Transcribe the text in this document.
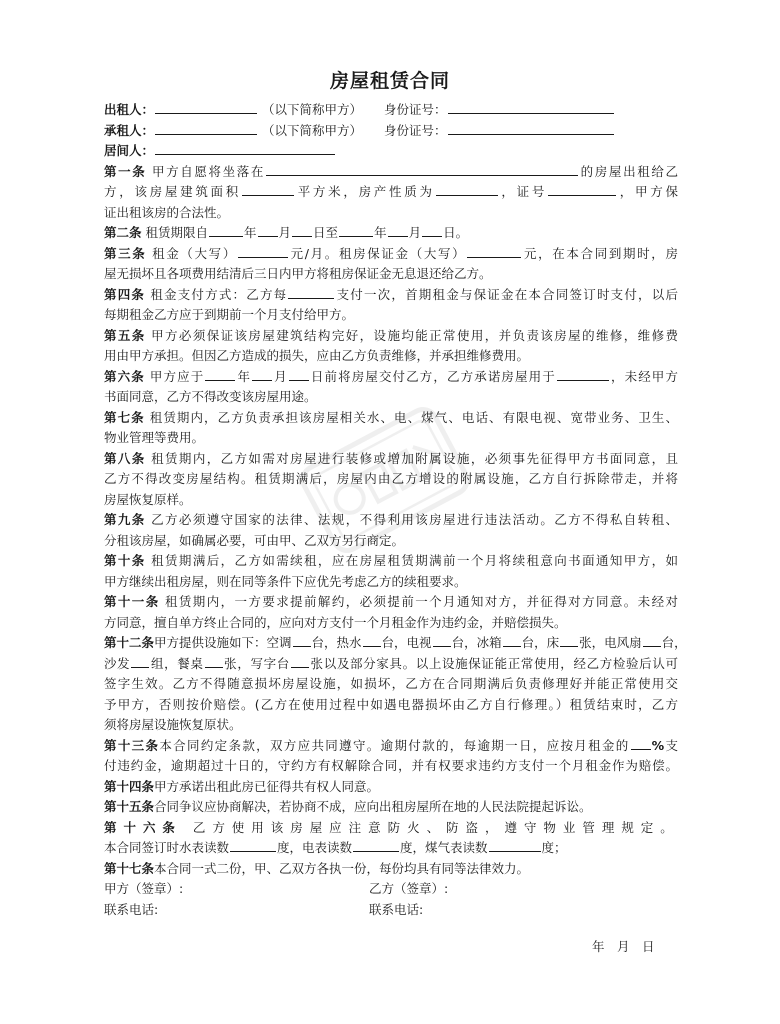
房屋租赁合同
出租人：	（以下简称甲方） 身份证号：
承租人：	（以下简称甲方） 身份证号：
居间人：
第一条 甲方自愿将坐落在	的房屋出租给乙
方，该房屋建筑面积	平方米，房产性质为	，证号	，甲方保
证出租该房的合法性。
第二条 租赁期限自	年 月 日至	年 月 日。
第三条 租金（大写）	元/月。租房保证金（大写）	元，在本合同到期时，房
屋无损坏且各项费用结清后三日内甲方将租房保证金无息退还给乙方。
第四条 租金支付方式：乙方每	支付一次，首期租金与保证金在本合同签订时支付，以后
每期租金乙方应于到期前一个月支付给甲方。
第五条 甲方必须保证该房屋建筑结构完好，设施均能正常使用，并负责该房屋的维修，维修费
用由甲方承担。但因乙方造成的损失，应由乙方负责维修，并承担维修费用。
第六条 甲方应于	年 月 日前将房屋交付乙方，乙方承诺房屋用于	，未经甲方
书面同意，乙方不得改变该房屋用途。
第七条 租赁期内，乙方负责承担该房屋相关水、电、煤气、电话、有限电视、宽带业务、卫生、
物业管理等费用。
第八条 租赁期内，乙方如需对房屋进行装修或增加附属设施，必须事先征得甲方书面同意，且
乙方不得改变房屋结构。租赁期满后，房屋内由乙方增设的附属设施，乙方自行拆除带走，并将
房屋恢复原样。
第九条 乙方必须遵守国家的法律、法规，不得利用该房屋进行违法活动。乙方不得私自转租、
分租该房屋，如确属必要，可由甲、乙双方另行商定。
第十条 租赁期满后，乙方如需续租，应在房屋租赁期满前一个月将续租意向书面通知甲方，如
甲方继续出租房屋，则在同等条件下应优先考虑乙方的续租要求。
第十一条 租赁期内，一方要求提前解约，必须提前一个月通知对方，并征得对方同意。未经对
方同意，擅自单方终止合同的，应向对方支付一个月租金作为违约金，并赔偿损失。
第十二条甲方提供设施如下：空调 台，热水 台，电视 台，冰箱 台，床 张，电风扇 台，
沙发 组，餐桌 张，写字台 张以及部分家具。以上设施保证能正常使用，经乙方检验后认可
签字生效。乙方不得随意损坏房屋设施，如损坏，乙方在合同期满后负责修理好并能正常使用交
予甲方，否则按价赔偿。(乙方在使用过程中如遇电器损坏由乙方自行修理。）租赁结束时，乙方
须将房屋设施恢复原状。
第十三条本合同约定条款，双方应共同遵守。逾期付款的，每逾期一日，应按月租金的 %支
付违约金，逾期超过十日的，守约方有权解除合同，并有权要求违约方支付一个月租金作为赔偿。
第十四条甲方承诺出租此房已征得共有权人同意。
第十五条合同争议应协商解决，若协商不成，应向出租房屋所在地的人民法院提起诉讼。
第十六条 乙方使用该房屋应注意防火、防盗，遵守物业管理规定。
本合同签订时水表读数	度，电表读数	度，煤气表读数	度；
第十七条本合同一式二份，甲、乙双方各执一份，每份均具有同等法律效力。
甲方（签章）:	乙方（签章）:
联系电话:	联系电话:
年　月　日
